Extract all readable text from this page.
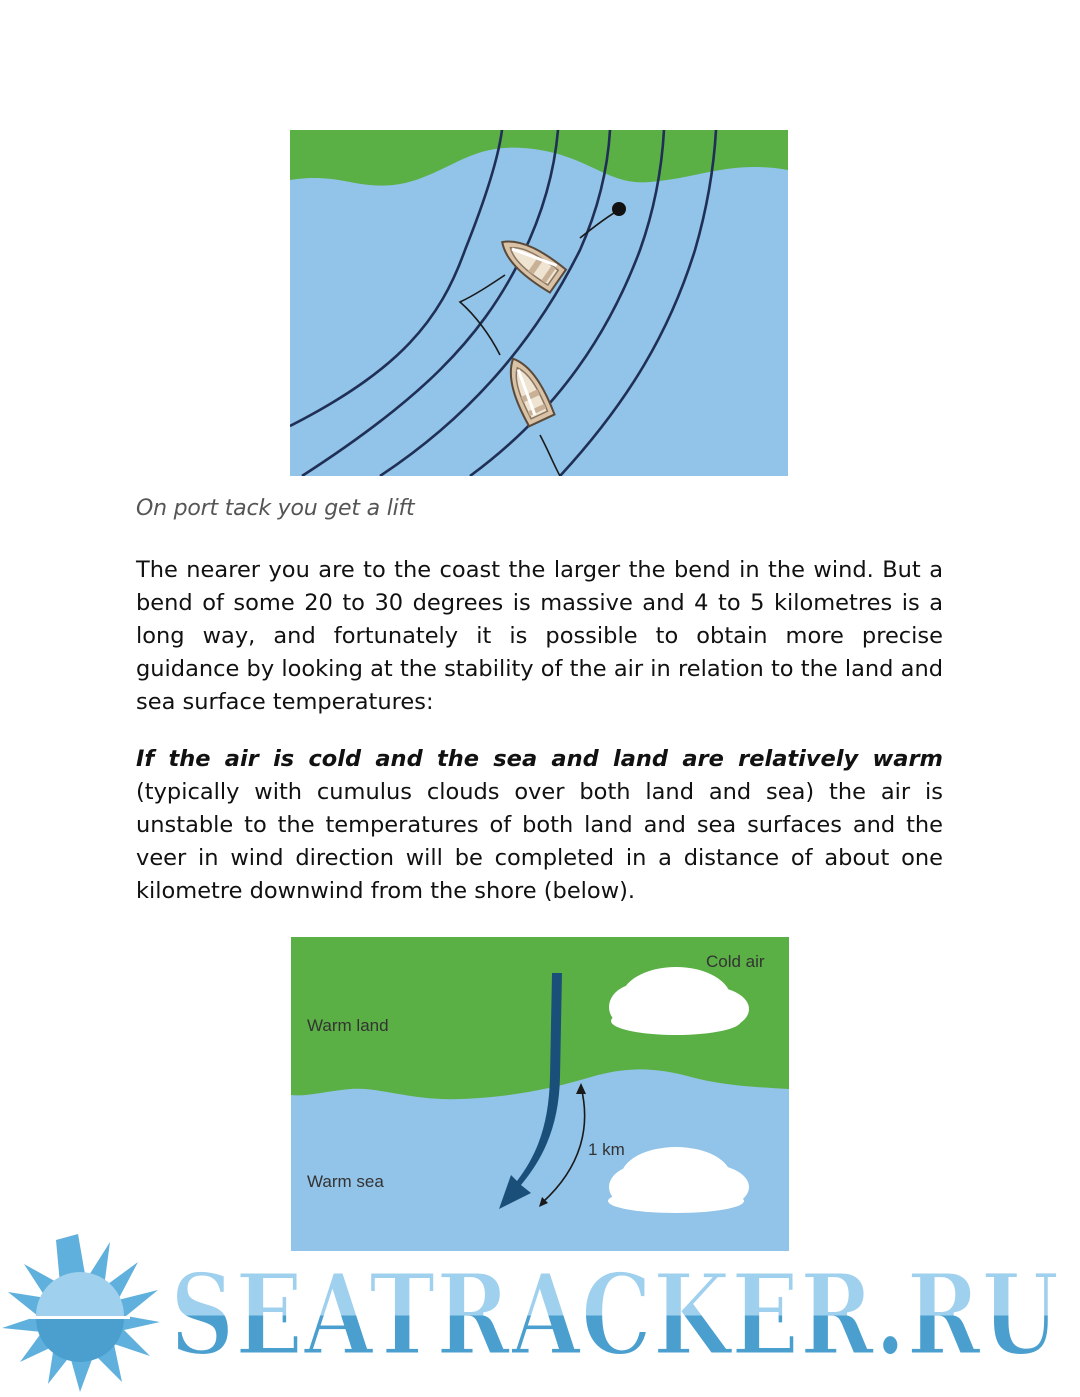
On port tack you get a lift

The nearer you are to the coast the larger the bend in the wind. But a bend of some 20 to 30 degrees is massive and 4 to 5 kilometres is a long way, and fortunately it is possible to obtain more precise guidance by looking at the stability of the air in relation to the land and sea surface temperatures:

If the air is cold and the sea and land are relatively warm (typically with cumulus clouds over both land and sea) the air is unstable to the temperatures of both land and sea surfaces and the veer in wind direction will be completed in a distance of about one kilometre downwind from the shore (below).

Cold air
Warm land
Warm sea
1 km
SEATRACKER.RU
